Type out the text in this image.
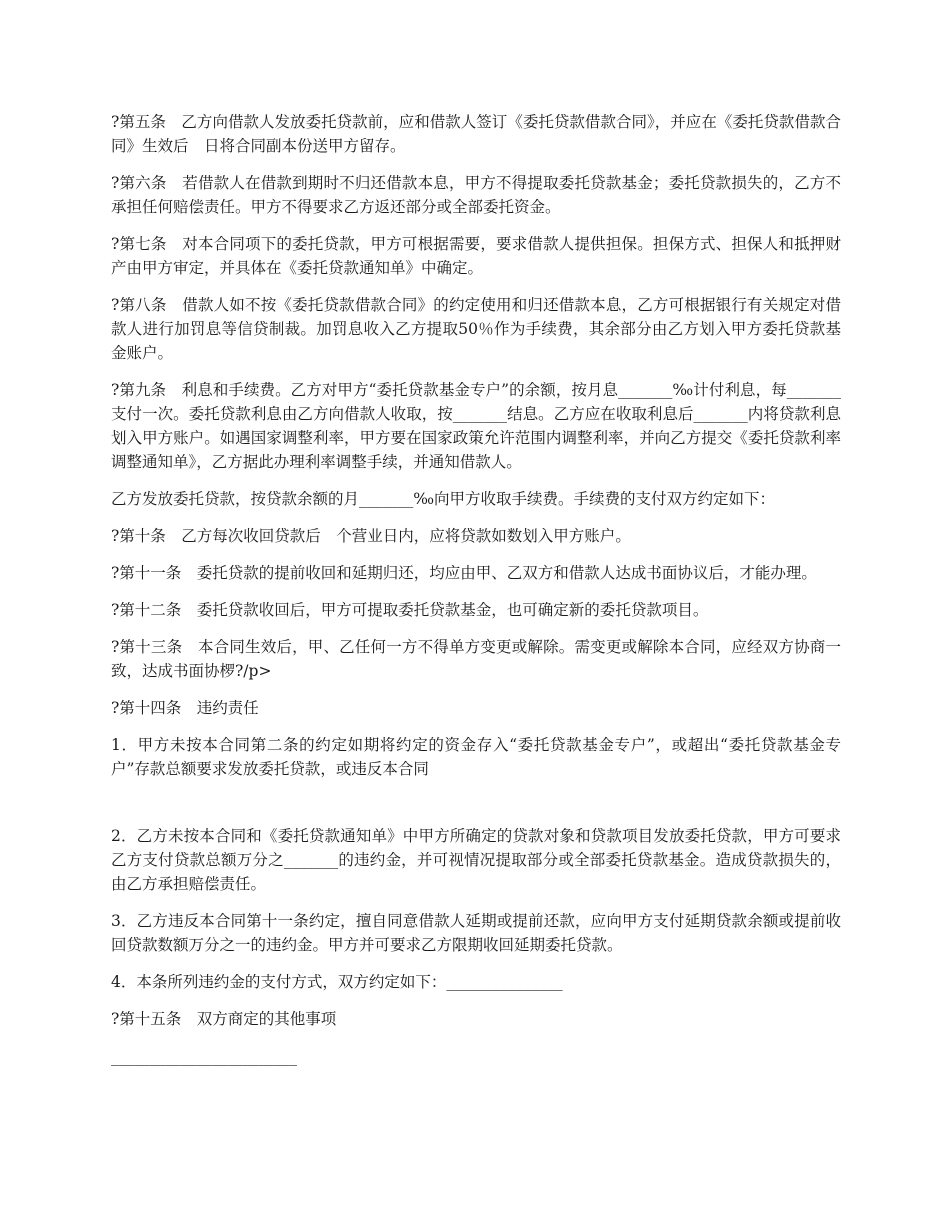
?第五条　乙方向借款人发放委托贷款前，应和借款人签订《委托贷款借款合同》，并应在《委托贷款借款合同》生效后　日将合同副本份送甲方留存。

?第六条　若借款人在借款到期时不归还借款本息，甲方不得提取委托贷款基金；委托贷款损失的，乙方不承担任何赔偿责任。甲方不得要求乙方返还部分或全部委托资金。

?第七条　对本合同项下的委托贷款，甲方可根据需要，要求借款人提供担保。担保方式、担保人和抵押财产由甲方审定，并具体在《委托贷款通知单》中确定。

?第八条　借款人如不按《委托贷款借款合同》的约定使用和归还借款本息，乙方可根据银行有关规定对借款人进行加罚息等信贷制裁。加罚息收入乙方提取50％作为手续费，其余部分由乙方划入甲方委托贷款基金账户。

?第九条　利息和手续费。乙方对甲方“委托贷款基金专户”的余额，按月息_______‰计付利息，每_______支付一次。委托贷款利息由乙方向借款人收取，按_______结息。乙方应在收取利息后_______内将贷款利息划入甲方账户。如遇国家调整利率，甲方要在国家政策允许范围内调整利率，并向乙方提交《委托贷款利率调整通知单》，乙方据此办理利率调整手续，并通知借款人。

乙方发放委托贷款，按贷款余额的月_______‰向甲方收取手续费。手续费的支付双方约定如下：

?第十条　乙方每次收回贷款后　个营业日内，应将贷款如数划入甲方账户。

?第十一条　委托贷款的提前收回和延期归还，均应由甲、乙双方和借款人达成书面协议后，才能办理。

?第十二条　委托贷款收回后，甲方可提取委托贷款基金，也可确定新的委托贷款项目。

?第十三条　本合同生效后，甲、乙任何一方不得单方变更或解除。需变更或解除本合同，应经双方协商一致，达成书面协椤?/p>

?第十四条　违约责任

1．甲方未按本合同第二条的约定如期将约定的资金存入“委托贷款基金专户”，或超出“委托贷款基金专户”存款总额要求发放委托贷款，或违反本合同

2．乙方未按本合同和《委托贷款通知单》中甲方所确定的贷款对象和贷款项目发放委托贷款，甲方可要求乙方支付贷款总额万分之_______的违约金，并可视情况提取部分或全部委托贷款基金。造成贷款损失的，由乙方承担赔偿责任。

3．乙方违反本合同第十一条约定，擅自同意借款人延期或提前还款，应向甲方支付延期贷款余额或提前收回贷款数额万分之一的违约金。甲方并可要求乙方限期收回延期委托贷款。

4．本条所列违约金的支付方式，双方约定如下：_______________

?第十五条　双方商定的其他事项

________________________
